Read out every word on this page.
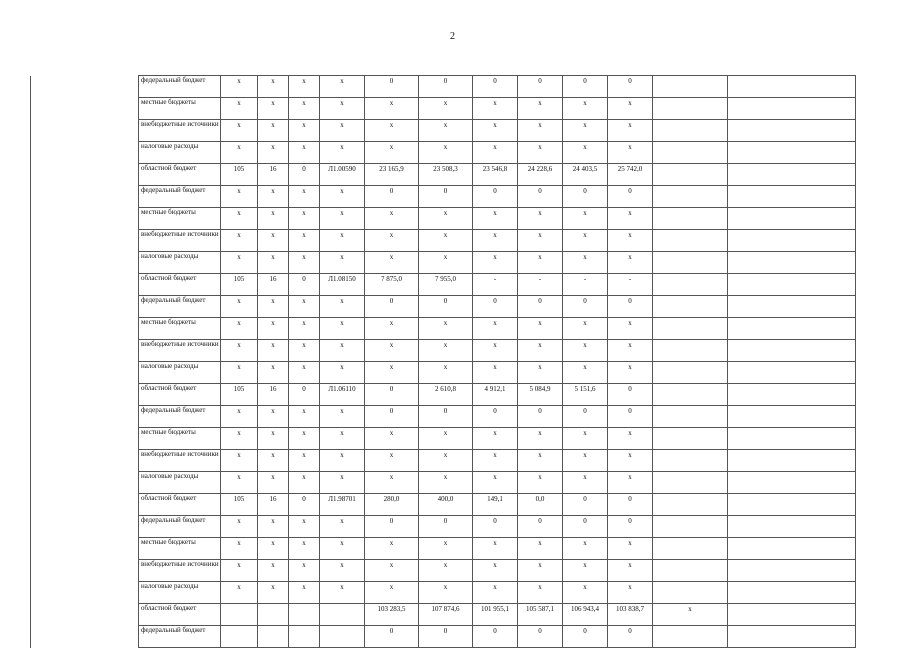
2
	федеральный бюджет	х	х	х	х	0	0	0	0	0	0		
	местные бюджеты	х	х	х	х	х	х	х	х	х	х		
	внебюджетные источники	х	х	х	х	х	х	х	х	х	х		
	налоговые расходы	х	х	х	х	х	х	х	х	х	х		
	областной бюджет	105	16	0	Л1.00590	23 165,9	23 508,3	23 546,8	24 228,6	24 403,5	25 742,0		
	федеральный бюджет	х	х	х	х	0	0	0	0	0	0		
	местные бюджеты	х	х	х	х	х	х	х	х	х	х		
	внебюджетные источники	х	х	х	х	х	х	х	х	х	х		
	налоговые расходы	х	х	х	х	х	х	х	х	х	х		
	областной бюджет	105	16	0	Л1.08150	7 875,0	7 955,0	-	-	-	-		
	федеральный бюджет	х	х	х	х	0	0	0	0	0	0		
	местные бюджеты	х	х	х	х	х	х	х	х	х	х		
	внебюджетные источники	х	х	х	х	х	х	х	х	х	х		
	налоговые расходы	х	х	х	х	х	х	х	х	х	х		
	областной бюджет	105	16	0	Л1.06110	0	2 610,8	4 912,1	5 084,9	5 151,6	0		
	федеральный бюджет	х	х	х	х	0	0	0	0	0	0		
	местные бюджеты	х	х	х	х	х	х	х	х	х	х		
	внебюджетные источники	х	х	х	х	х	х	х	х	х	х		
	налоговые расходы	х	х	х	х	х	х	х	х	х	х		
	областной бюджет	105	16	0	Л1.98701	280,0	400,0	149,1	0,0	0	0		
	федеральный бюджет	х	х	х	х	0	0	0	0	0	0		
	местные бюджеты	х	х	х	х	х	х	х	х	х	х		
	внебюджетные источники	х	х	х	х	х	х	х	х	х	х		
	налоговые расходы	х	х	х	х	х	х	х	х	х	х		
	областной бюджет					103 283,5	107 874,6	101 955,1	105 587,1	106 943,4	103 838,7	х	
	федеральный бюджет					0	0	0	0	0	0		
